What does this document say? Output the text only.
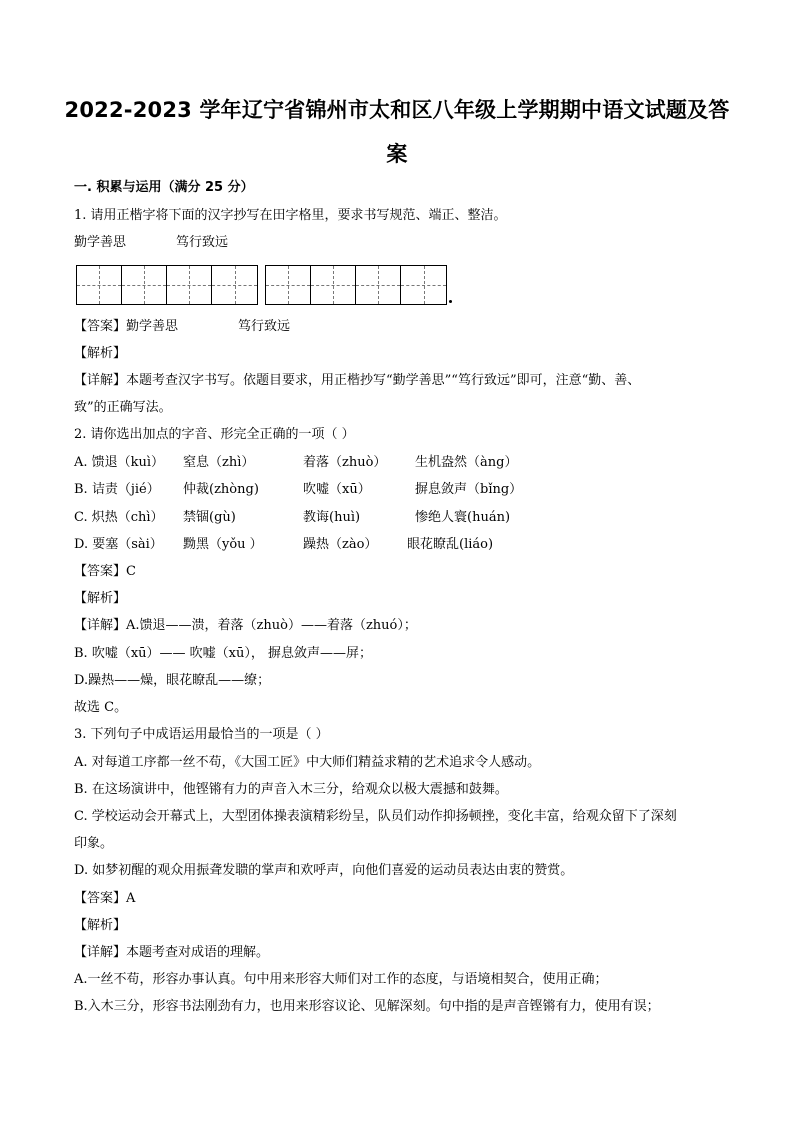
2022-2023 学年辽宁省锦州市太和区八年级上学期期中语文试题及答
案
一. 积累与运用（满分 25 分）
1. 请用正楷字将下面的汉字抄写在田字格里，要求书写规范、端正、整洁。
勤学善思	笃行致远
【答案】勤学善思	笃行致远
【解析】
【详解】本题考查汉字书写。依题目要求，用正楷抄写“勤学善思”“笃行致远”即可，注意“勤、善、
致”的正确写法。
2. 请你选出加点的字音、形完全正确的一项（ ）
A. 馈退（kuì） 窒息（zhì）	着落（zhuò） 生机盎然（àng）
B. 诘责（jié） 仲裁(zhòng)	吹嘘（xū）	摒息敛声（bǐng）
C. 炽热（chì） 禁锢(gù)	教诲(huì)	惨绝人寰(huán)
D. 要塞（sài） 黝黑（yǒu ）	躁热（zào） 眼花瞭乱(liáo)
【答案】C
【解析】
【详解】A.馈退——溃，着落（zhuò）——着落（zhuó）；
B. 吹嘘（xū）—— 吹嘘（xū）， 摒息敛声——屏；
D.躁热——燥，眼花瞭乱——缭；
故选 C。
3. 下列句子中成语运用最恰当的一项是（ ）
A. 对每道工序都一丝不苟，《大国工匠》中大师们精益求精的艺术追求令人感动。
B. 在这场演讲中，他铿锵有力的声音入木三分，给观众以极大震撼和鼓舞。
C. 学校运动会开幕式上，大型团体操表演精彩纷呈，队员们动作抑扬顿挫，变化丰富，给观众留下了深刻
印象。
D. 如梦初醒的观众用振聋发聩的掌声和欢呼声，向他们喜爱的运动员表达由衷的赞赏。
【答案】A
【解析】
【详解】本题考查对成语的理解。
A.一丝不苟，形容办事认真。句中用来形容大师们对工作的态度，与语境相契合，使用正确；
B.入木三分，形容书法刚劲有力，也用来形容议论、见解深刻。句中指的是声音铿锵有力，使用有误；
